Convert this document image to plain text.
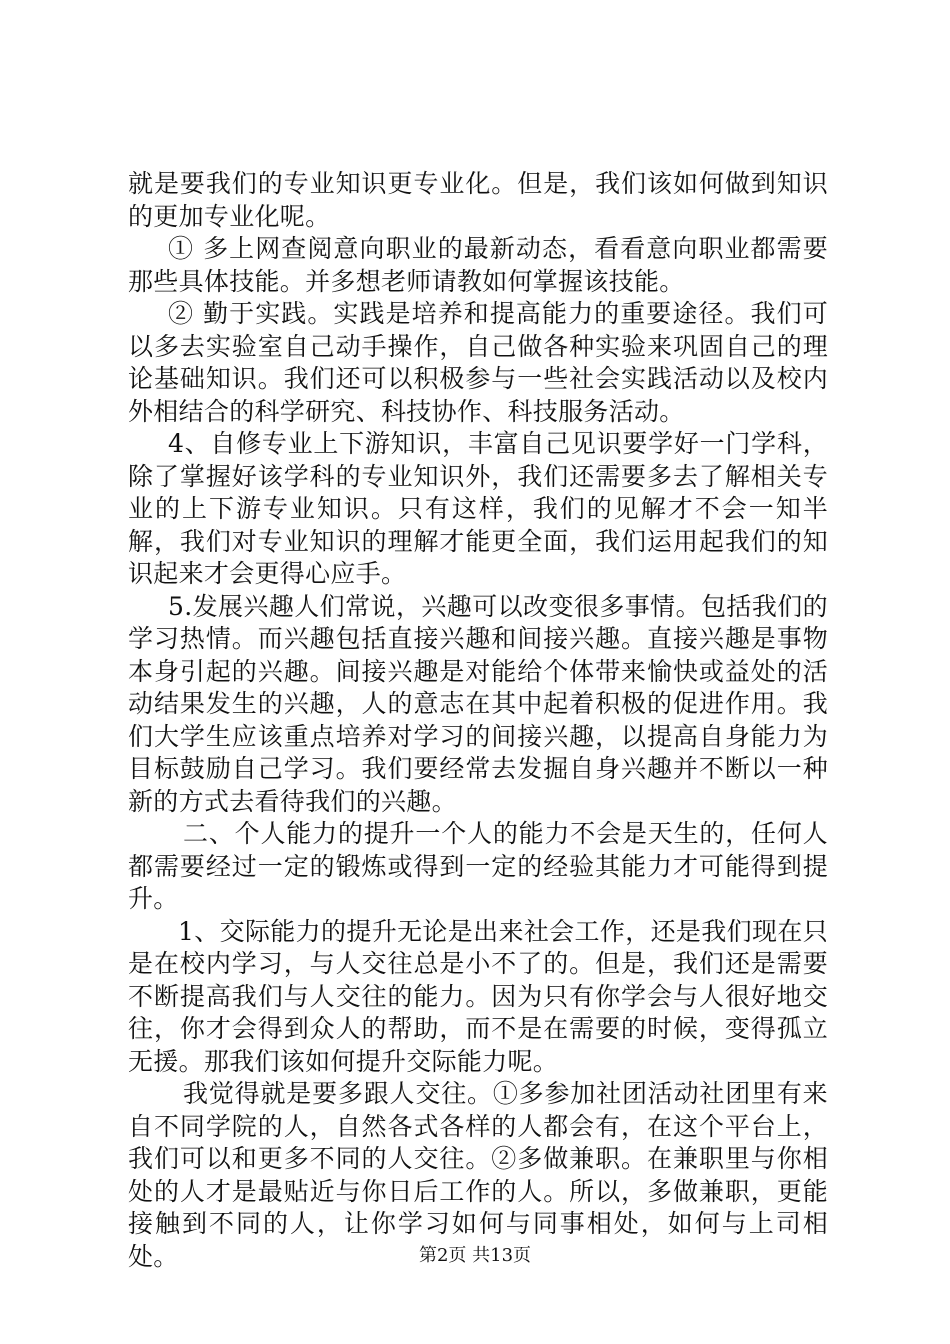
就是要我们的专业知识更专业化。但是，我们该如何做到知识的更加专业化呢。

① 多上网查阅意向职业的最新动态，看看意向职业都需要那些具体技能。并多想老师请教如何掌握该技能。

② 勤于实践。实践是培养和提高能力的重要途径。我们可以多去实验室自己动手操作，自己做各种实验来巩固自己的理论基础知识。我们还可以积极参与一些社会实践活动以及校内外相结合的科学研究、科技协作、科技服务活动。

4、自修专业上下游知识，丰富自己见识要学好一门学科，除了掌握好该学科的专业知识外，我们还需要多去了解相关专业的上下游专业知识。只有这样，我们的见解才不会一知半解，我们对专业知识的理解才能更全面，我们运用起我们的知识起来才会更得心应手。

5.发展兴趣人们常说，兴趣可以改变很多事情。包括我们的学习热情。而兴趣包括直接兴趣和间接兴趣。直接兴趣是事物本身引起的兴趣。间接兴趣是对能给个体带来愉快或益处的活动结果发生的兴趣，人的意志在其中起着积极的促进作用。我们大学生应该重点培养对学习的间接兴趣，以提高自身能力为目标鼓励自己学习。我们要经常去发掘自身兴趣并不断以一种新的方式去看待我们的兴趣。

二、个人能力的提升一个人的能力不会是天生的，任何人都需要经过一定的锻炼或得到一定的经验其能力才可能得到提升。

1、交际能力的提升无论是出来社会工作，还是我们现在只是在校内学习，与人交往总是小不了的。但是，我们还是需要不断提高我们与人交往的能力。因为只有你学会与人很好地交往，你才会得到众人的帮助，而不是在需要的时候，变得孤立无援。那我们该如何提升交际能力呢。

我觉得就是要多跟人交往。①多参加社团活动社团里有来自不同学院的人，自然各式各样的人都会有，在这个平台上，我们可以和更多不同的人交往。②多做兼职。在兼职里与你相处的人才是最贴近与你日后工作的人。所以，多做兼职，更能接触到不同的人，让你学习如何与同事相处，如何与上司相处。	第2页 共13页
